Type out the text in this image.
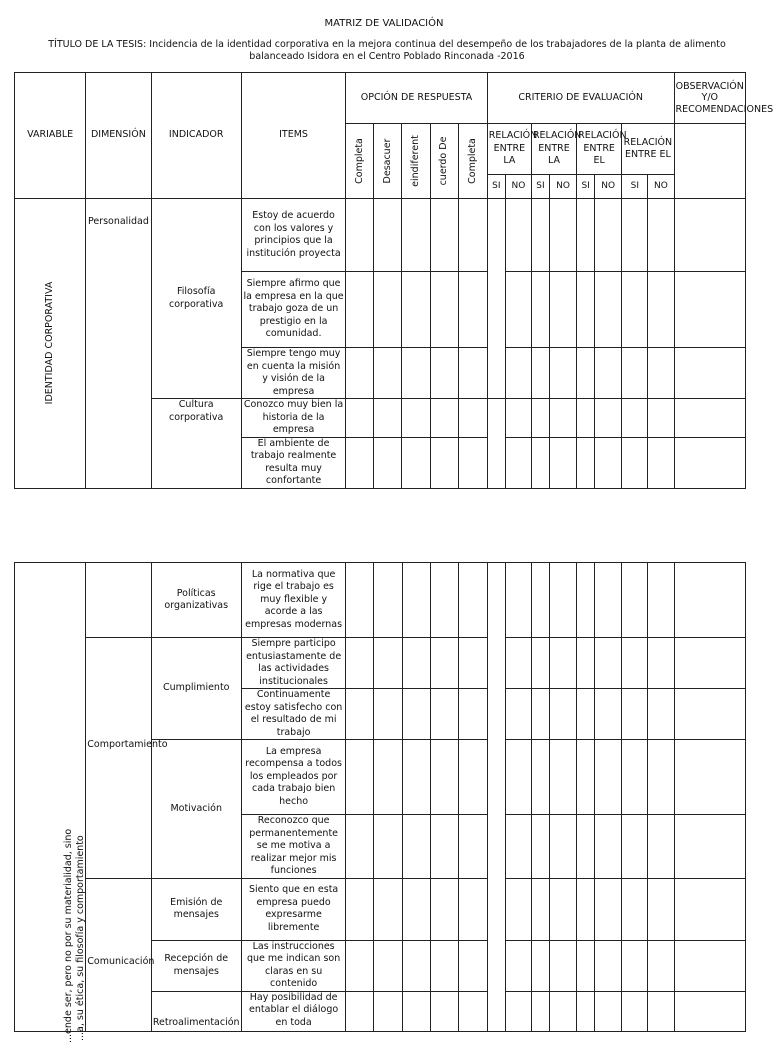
MATRIZ DE VALIDACIÓN
TÍTULO DE LA TESIS: Incidencia de la identidad corporativa en la mejora continua del desempeño de los trabajadores de la planta de alimento
balanceado Isidora en el Centro Poblado Rinconada -2016
VARIABLE	DIMENSIÓN	INDICADOR	ITEMS	OPCIÓN DE RESPUESTA					CRITERIO DE EVALUACIÓN								OBSERVACIÓN Y/O RECOMENDACIONES

				Completa	Desacuer	eindiferent	cuerdo De	Completa	RELACIÓN ENTRE LA		RELACIÓN ENTRE LA		RELACIÓN ENTRE EL		RELACIÓN ENTRE EL		
									SI	NO	SI	NO	SI	NO	SI	NO	

IDENTIDAD CORPORATIVA	Personalidad	Filosofía corporativa	Estoy de acuerdo con los valores y principios que la institución proyecta														
			Siempre afirmo que la empresa en la que trabajo goza de un prestigio en la comunidad.														
			Siempre tengo muy en cuenta la misión y visión de la empresa														
		Cultura corporativa	Conozco muy bien la historia de la empresa														
			El ambiente de trabajo realmente resulta muy confortante														
...ende ser, pero no por su materialidad, sino ...a, su ética, su filosofía y comportamiento		Políticas organizativas	La normativa que rige el trabajo es muy flexible y acorde a las empresas modernas														

	Comportamiento	Cumplimiento	Siempre participo entusiastamente de las actividades institucionales														
			Continuamente estoy satisfecho con el resultado de mi trabajo														
		Motivación	La empresa recompensa a todos los empleados por cada trabajo bien hecho														
			Reconozco que permanentemente se me motiva a realizar mejor mis funciones														

	Comunicación	Emisión de mensajes	Siento que en esta empresa puedo expresarme libremente														
		Recepción de mensajes	Las instrucciones que me indican son claras en su contenido														
		Retroalimentación	Hay posibilidad de entablar el diálogo en toda														
